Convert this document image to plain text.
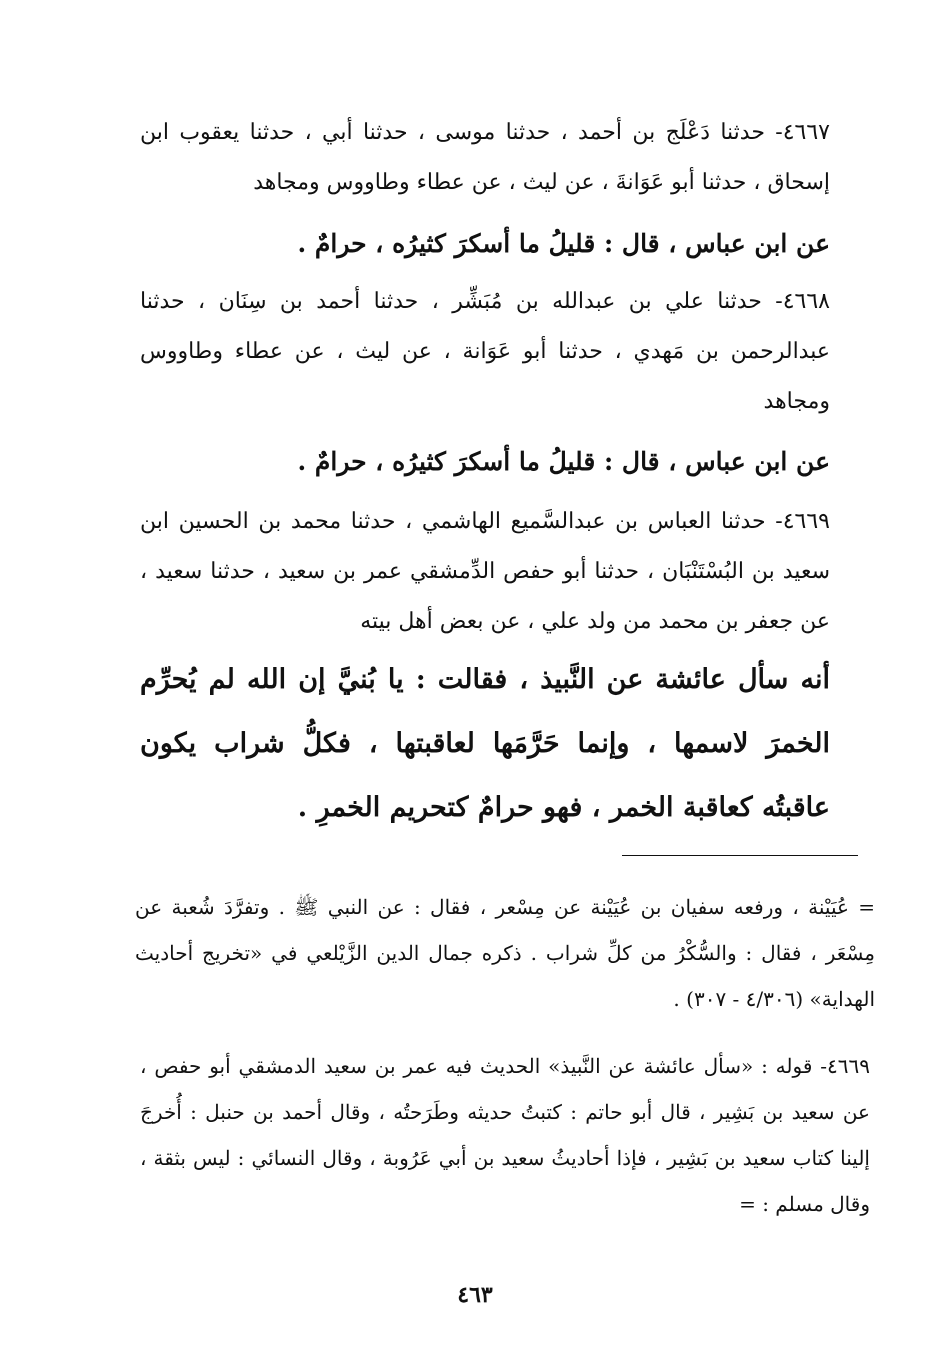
٤٦٦٧- حدثنا دَعْلَج بن أحمد ، حدثنا موسى ، حدثنا أبي ، حدثنا يعقوب ابن إسحاق ، حدثنا أبو عَوَانةَ ، عن ليث ، عن عطاء وطاووس ومجاهد

عن ابن عباس ، قال : قليلُ ما أسكرَ كثيرُه ، حرامٌ .

٤٦٦٨- حدثنا علي بن عبدالله بن مُبَشِّر ، حدثنا أحمد بن سِنَان ، حدثنا عبدالرحمن بن مَهدي ، حدثنا أبو عَوَانة ، عن ليث ، عن عطاء وطاووس ومجاهد

عن ابن عباس ، قال : قليلُ ما أسكرَ كثيرُه ، حرامٌ .

٤٦٦٩- حدثنا العباس بن عبدالسَّميع الهاشمي ، حدثنا محمد بن الحسين ابن سعيد بن البُسْتَنْبَان ، حدثنا أبو حفص الدِّمشقي عمر بن سعيد ، حدثنا سعيد ، عن جعفر بن محمد من ولد علي ، عن بعض أهل بيته

أنه سأل عائشة عن النَّبيذ ، فقالت : يا بُنيَّ إن الله لم يُحرِّم الخمرَ لاسمها ، وإنما حَرَّمَها لعاقبتها ، فكلُّ شراب يكون عاقبتُه كعاقبة الخمر ، فهو حرامٌ كتحريم الخمرِ .

= عُيَيْنة ، ورفعه سفيان بن عُيَيْنة عن مِسْعر ، فقال : عن النبي ﷺ . وتفرَّدَ شُعبة عن مِسْعَر ، فقال : والسُّكْرُ من كلِّ شراب . ذكره جمال الدين الزَّيْلعي في «تخريج أحاديث الهداية» (٤/٣٠٦ - ٣٠٧) .

٤٦٦٩- قوله : «سأل عائشة عن النَّبيذ» الحديث فيه عمر بن سعيد الدمشقي أبو حفص ، عن سعيد بن بَشِير ، قال أبو حاتم : كتبتُ حديثه وطَرَحتُه ، وقال أحمد بن حنبل : أُخرجَ إلينا كتاب سعيد بن بَشِير ، فإذا أحاديثُ سعيد بن أبي عَرُوبة ، وقال النسائي : ليس بثقة ، وقال مسلم : =

٤٦٣
